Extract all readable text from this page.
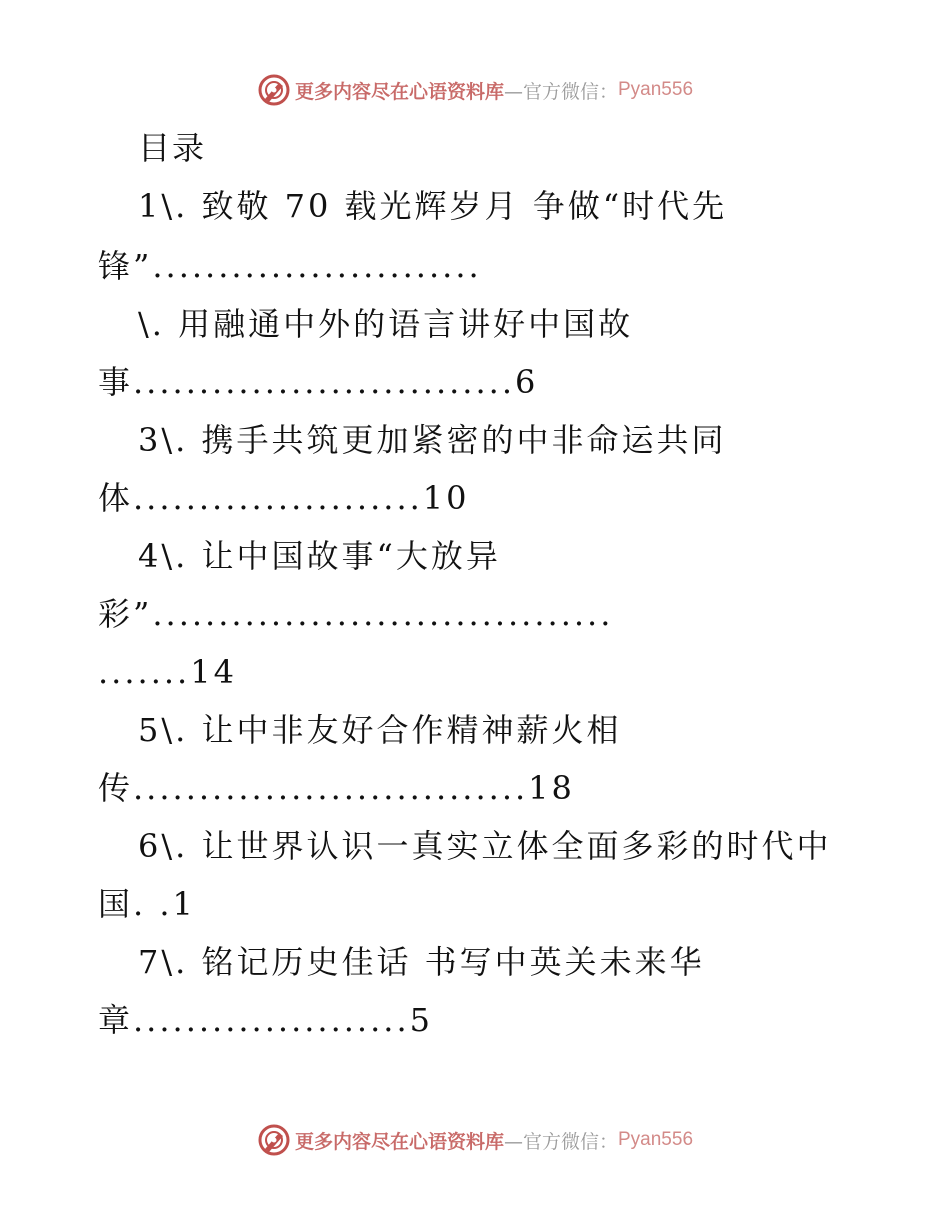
更多内容尽在心语资料库 —官方微信： Pyan556
目录
1\. 致敬 70 载光辉岁月 争做“时代先
锋”.........................
\. 用融通中外的语言讲好中国故
事.............................6
3\. 携手共筑更加紧密的中非命运共同
体......................10
4\. 让中国故事“大放异
彩”...................................
.......14
5\. 让中非友好合作精神薪火相
传..............................18
6\. 让世界认识一真实立体全面多彩的时代中
国. .1
7\. 铭记历史佳话 书写中英关未来华
章.....................5
更多内容尽在心语资料库 —官方微信： Pyan556
